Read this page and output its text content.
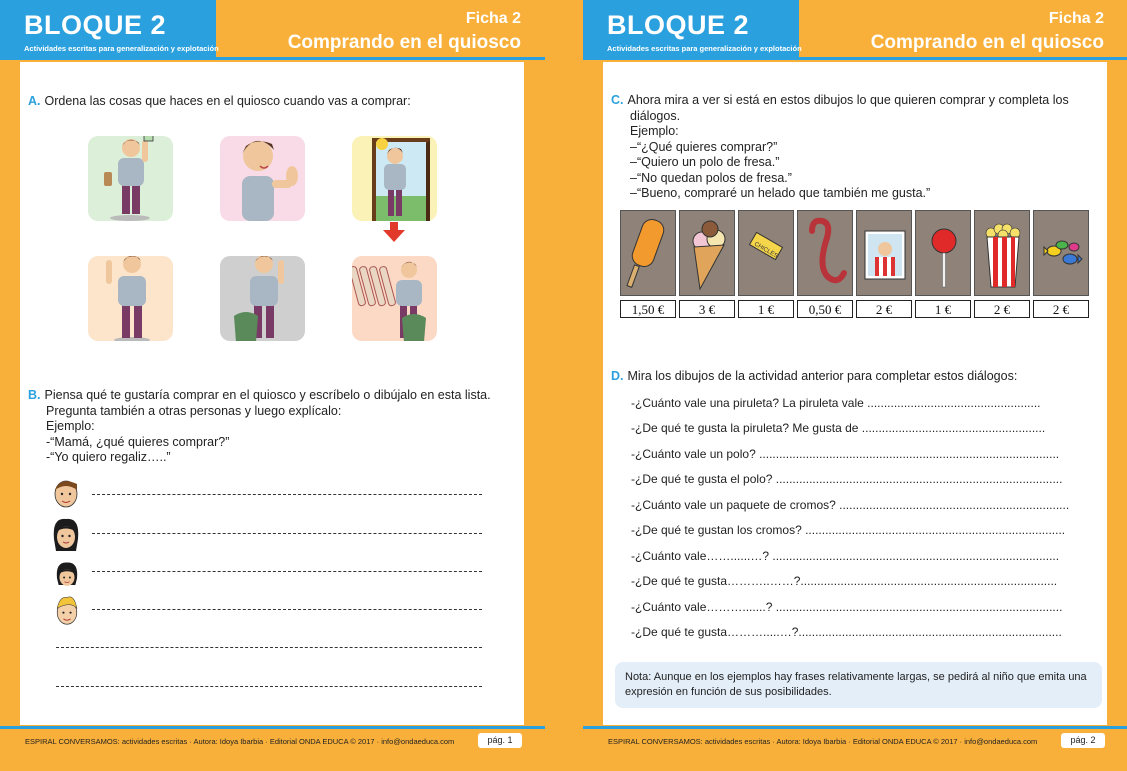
BLOQUE 2
Actividades escritas para generalización y explotación
Ficha 2
Comprando en el quiosco
A. Ordena las cosas que haces en el quiosco cuando vas a comprar:
B. Piensa qué te gustaría comprar en el quiosco y escríbelo o dibújalo en esta lista.
Pregunta también a otras personas y luego explícalo:
Ejemplo:
-“Mamá, ¿qué quieres comprar?”
-“Yo quiero regaliz…..”
ESPIRAL CONVERSAMOS: actividades escritas · Autora: Idoya Ibarbia · Editorial ONDA EDUCA © 2017 · info@ondaeduca.com	pág. 1
BLOQUE 2
Actividades escritas para generalización y explotación
Ficha 2
Comprando en el quiosco
C. Ahora mira a ver si está en estos dibujos lo que quieren comprar y completa los
diálogos.
Ejemplo:
–“¿Qué quieres comprar?”
–“Quiero un polo de fresa.”
–“No quedan polos de fresa.”
–“Bueno, compraré un helado que también me gusta.”
CHICLES
1,50 €	3 €	1 €	0,50 €	2 €	1 €	2 €	2 €
D. Mira los dibujos de la actividad anterior para completar estos diálogos:
-¿Cuánto vale una piruleta? La piruleta vale ....................................................
-¿De qué te gusta la piruleta? Me gusta de .......................................................
-¿Cuánto vale un polo? ..........................................................................................
-¿De qué te gusta el polo? ......................................................................................
-¿Cuánto vale un paquete de cromos? .....................................................................
-¿De qué te gustan los cromos? ..............................................................................
-¿Cuánto vale……......…? ......................................................................................
-¿De qué te gusta………..……?.............................................................................
-¿Cuánto vale……….......? ......................................................................................
-¿De qué te gusta……….....…?...............................................................................
Nota: Aunque en los ejemplos hay frases relativamente largas, se pedirá al niño que emita una
expresión en función de sus posibilidades.
ESPIRAL CONVERSAMOS: actividades escritas · Autora: Idoya Ibarbia · Editorial ONDA EDUCA © 2017 · info@ondaeduca.com	pág. 2
